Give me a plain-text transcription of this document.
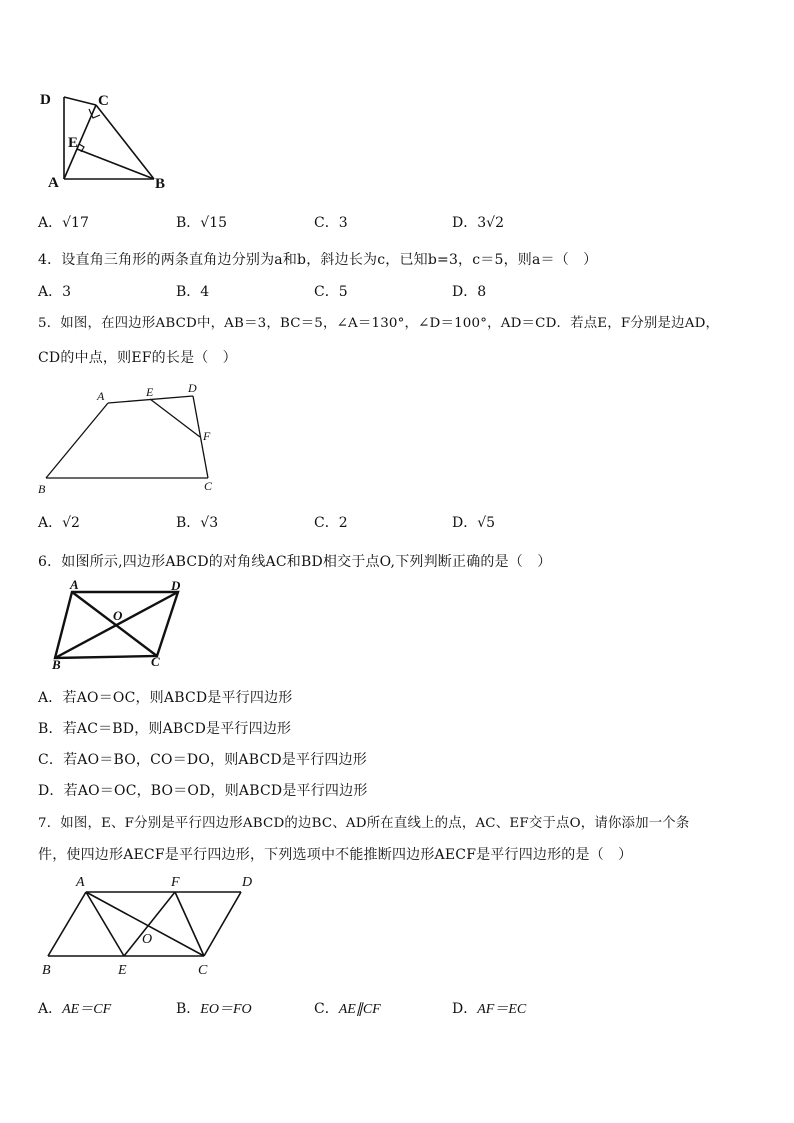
D	C
E
A	B
A．√17	B．√15	C．3	D．3√2
4．设直角三角形的两条直角边分别为a和b，斜边长为c，已知b=3，c＝5，则a＝（　）
A．3	B．4	C．5	D．8
5．如图，在四边形ABCD中，AB＝3，BC＝5，∠A＝130°，∠D＝100°，AD＝CD．若点E，F分别是边AD，
CD的中点，则EF的长是（　）
A	E	D
F
B	C
A．√2	B．√3	C．2	D．√5
6．如图所示,四边形ABCD的对角线AC和BD相交于点O,下列判断正确的是（　）
A	D
O
B	C
A．若AO＝OC，则ABCD是平行四边形
B．若AC＝BD，则ABCD是平行四边形
C．若AO＝BO，CO＝DO，则ABCD是平行四边形
D．若AO＝OC，BO＝OD，则ABCD是平行四边形
7．如图，E、F分别是平行四边形ABCD的边BC、AD所在直线上的点，AC、EF交于点O，请你添加一个条
件，使四边形AECF是平行四边形，下列选项中不能推断四边形AECF是平行四边形的是（　）
A	F	D
O
B	E	C
A．AE＝CF	B．EO＝FO	C．AE∥CF	D．AF＝EC
